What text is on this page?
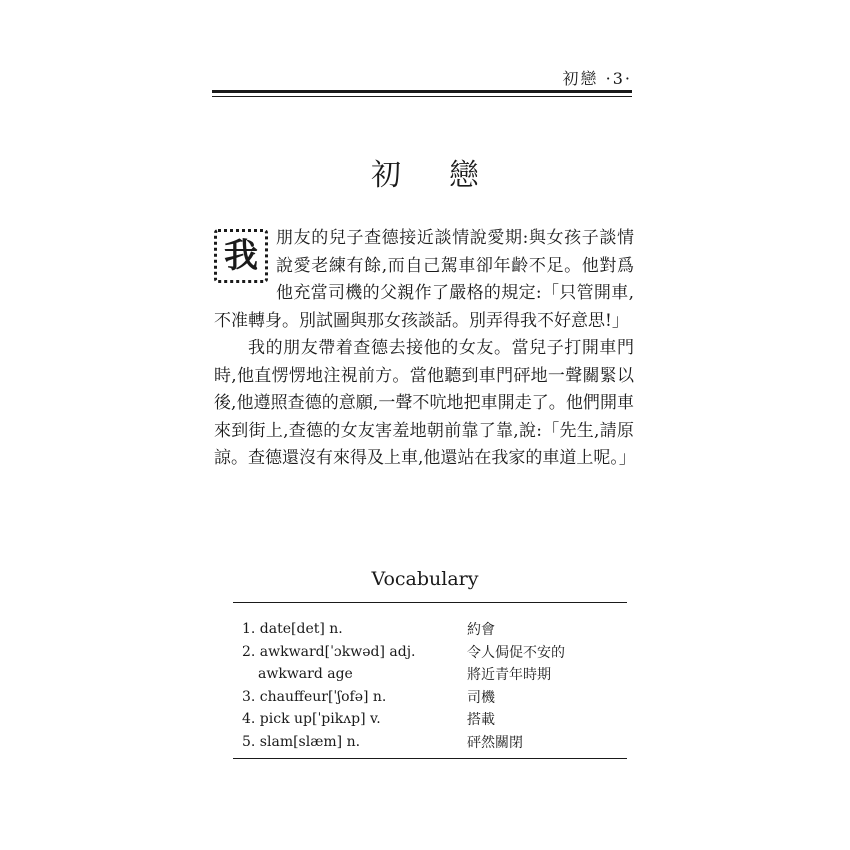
初戀 ·3·
初戀

我	朋友的兒子查德接近談情說愛期:與女孩子談情說愛老練有餘,而自己駕車卻年齡不足。他對爲他充當司機的父親作了嚴格的規定:「只管開車,不准轉身。別試圖與那女孩談話。別弄得我不好意思!」

我的朋友帶着查德去接他的女友。當兒子打開車門時,他直愣愣地注視前方。當他聽到車門砰地一聲關緊以後,他遵照查德的意願,一聲不吭地把車開走了。他們開車來到街上,查德的女友害羞地朝前靠了靠,說:「先生,請原諒。查德還沒有來得及上車,他還站在我家的車道上呢。」

Vocabulary
1. date[det] n.	約會
2. awkward[ˈɔkwəd] adj.	令人侷促不安的
awkward age	將近青年時期
3. chauffeur[ˈʃofə] n.	司機
4. pick up[ˈpikʌp] v.	搭載
5. slam[slæm] n.	砰然關閉
